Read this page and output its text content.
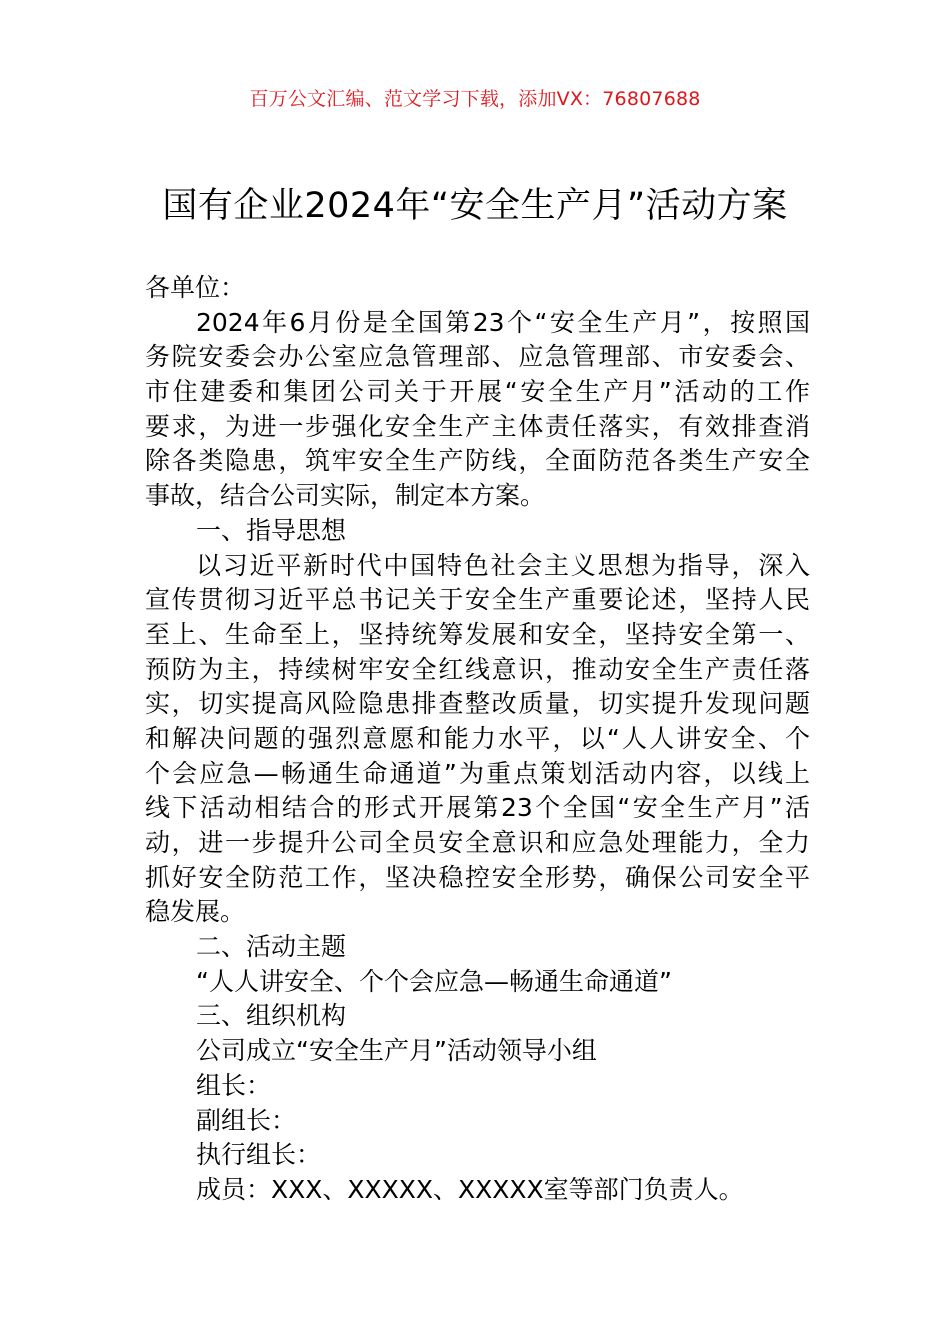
百万公文汇编、范文学习下载，添加VX：76807688
国有企业2024年“安全生产月”活动方案
各单位：
2024年6月份是全国第23个“安全生产月”，按照国
务院安委会办公室应急管理部、应急管理部、市安委会、
市住建委和集团公司关于开展“安全生产月”活动的工作
要求，为进一步强化安全生产主体责任落实，有效排查消
除各类隐患，筑牢安全生产防线，全面防范各类生产安全
事故，结合公司实际，制定本方案。
一、指导思想
以习近平新时代中国特色社会主义思想为指导，深入
宣传贯彻习近平总书记关于安全生产重要论述，坚持人民
至上、生命至上，坚持统筹发展和安全，坚持安全第一、
预防为主，持续树牢安全红线意识，推动安全生产责任落
实，切实提高风险隐患排查整改质量，切实提升发现问题
和解决问题的强烈意愿和能力水平，以“人人讲安全、个
个会应急—畅通生命通道”为重点策划活动内容，以线上
线下活动相结合的形式开展第23个全国“安全生产月”活
动，进一步提升公司全员安全意识和应急处理能力，全力
抓好安全防范工作，坚决稳控安全形势，确保公司安全平
稳发展。
二、活动主题
“人人讲安全、个个会应急—畅通生命通道”
三、组织机构
公司成立“安全生产月”活动领导小组
组长：
副组长：
执行组长：
成员：XXX、XXXXX、XXXXX室等部门负责人。
